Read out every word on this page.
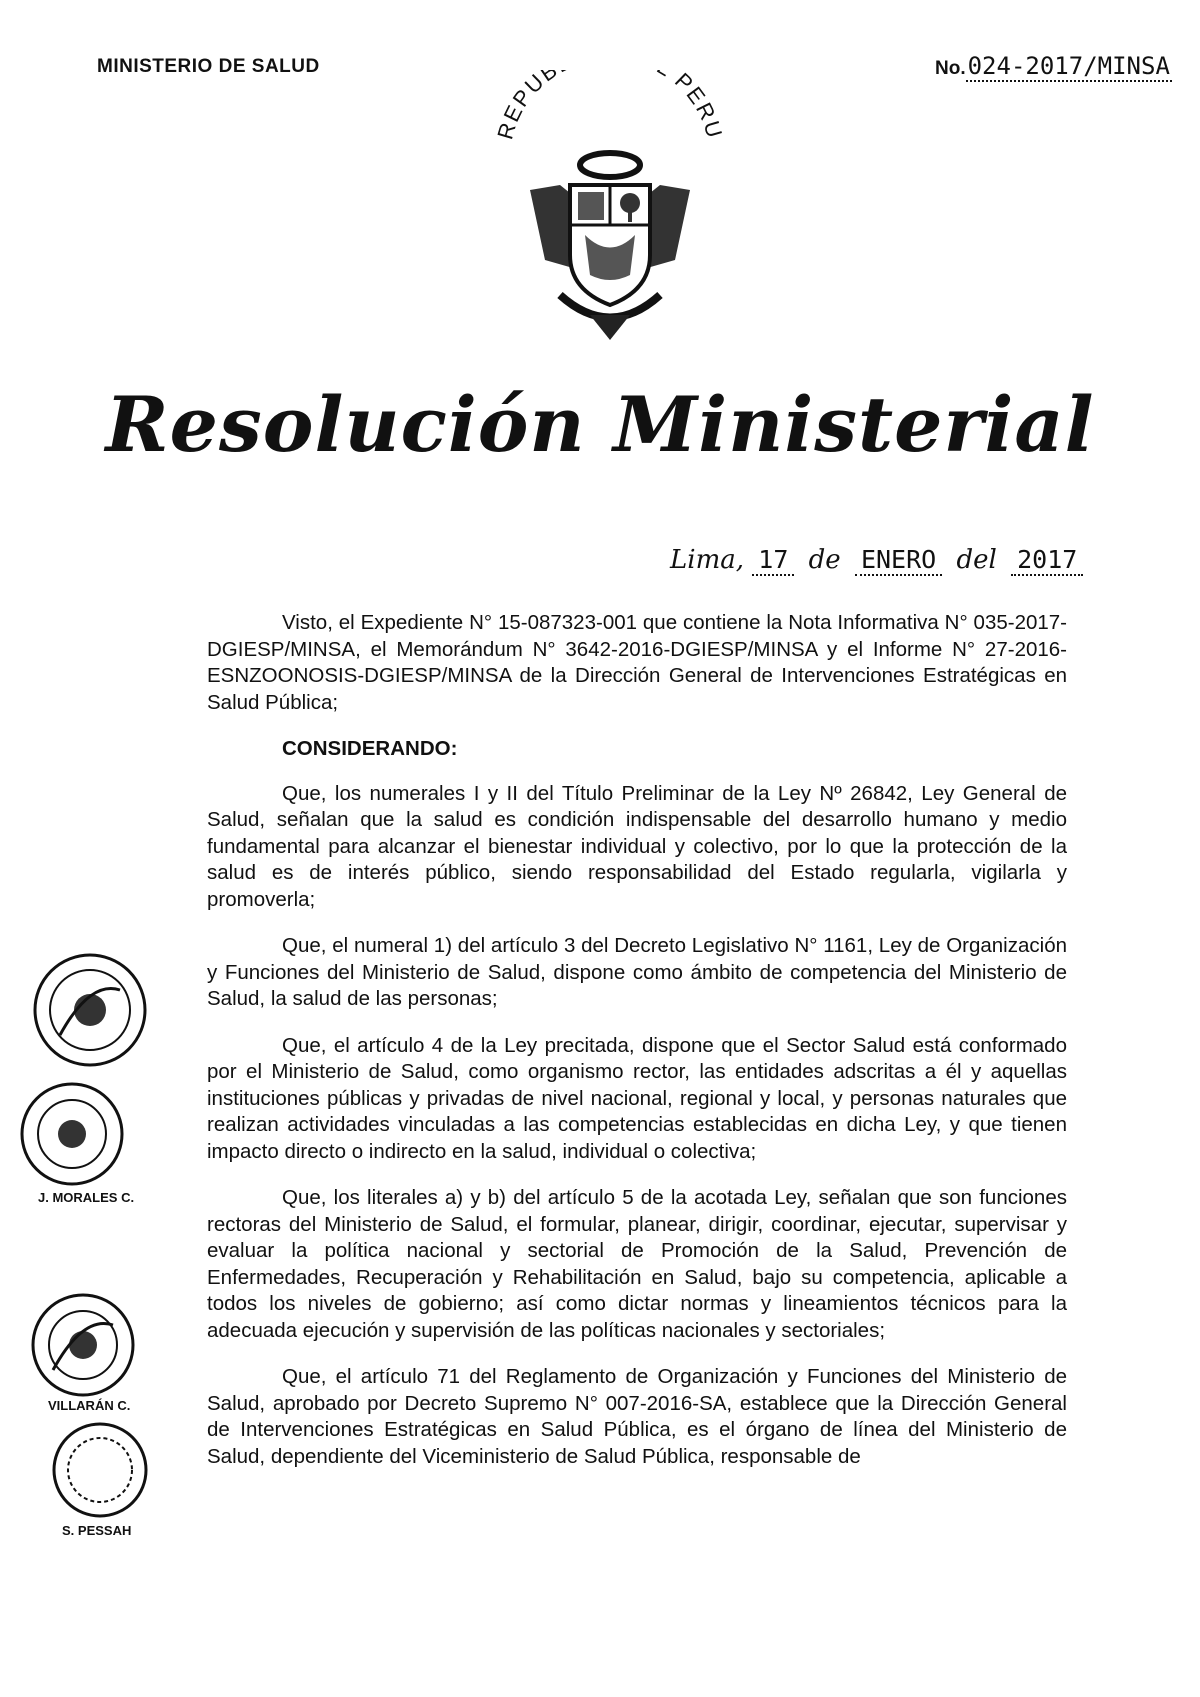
MINISTERIO DE SALUD	No.024-2017/MINSA
REPUB PERU
Resolución Ministerial
Lima, 17 de ENERO del 2017

Visto, el Expediente N° 15-087323-001 que contiene la Nota Informativa N° 035-2017-DGIESP/MINSA, el Memorándum N° 3642-2016-DGIESP/MINSA y el Informe N° 27-2016-ESNZOONOSIS-DGIESP/MINSA de la Dirección General de Intervenciones Estratégicas en Salud Pública;

CONSIDERANDO:

Que, los numerales I y II del Título Preliminar de la Ley Nº 26842, Ley General de Salud, señalan que la salud es condición indispensable del desarrollo humano y medio fundamental para alcanzar el bienestar individual y colectivo, por lo que la protección de la salud es de interés público, siendo responsabilidad del Estado regularla, vigilarla y promoverla;

Que, el numeral 1) del artículo 3 del Decreto Legislativo N° 1161, Ley de Organización y Funciones del Ministerio de Salud, dispone como ámbito de competencia del Ministerio de Salud, la salud de las personas;

Que, el artículo 4 de la Ley precitada, dispone que el Sector Salud está conformado por el Ministerio de Salud, como organismo rector, las entidades adscritas a él y aquellas instituciones públicas y privadas de nivel nacional, regional y local, y personas naturales que realizan actividades vinculadas a las competencias establecidas en dicha Ley, y que tienen impacto directo o indirecto en la salud, individual o colectiva;

Que, los literales a) y b) del artículo 5 de la acotada Ley, señalan que son funciones rectoras del Ministerio de Salud, el formular, planear, dirigir, coordinar, ejecutar, supervisar y evaluar la política nacional y sectorial de Promoción de la Salud, Prevención de Enfermedades, Recuperación y Rehabilitación en Salud, bajo su competencia, aplicable a todos los niveles de gobierno; así como dictar normas y lineamientos técnicos para la adecuada ejecución y supervisión de las políticas nacionales y sectoriales;

Que, el artículo 71 del Reglamento de Organización y Funciones del Ministerio de Salud, aprobado por Decreto Supremo N° 007-2016-SA, establece que la Dirección General de Intervenciones Estratégicas en Salud Pública, es el órgano de línea del Ministerio de Salud, dependiente del Viceministerio de Salud Pública, responsable de

J. MORALES C.
VILLARÁN C.
S. PESSAH
